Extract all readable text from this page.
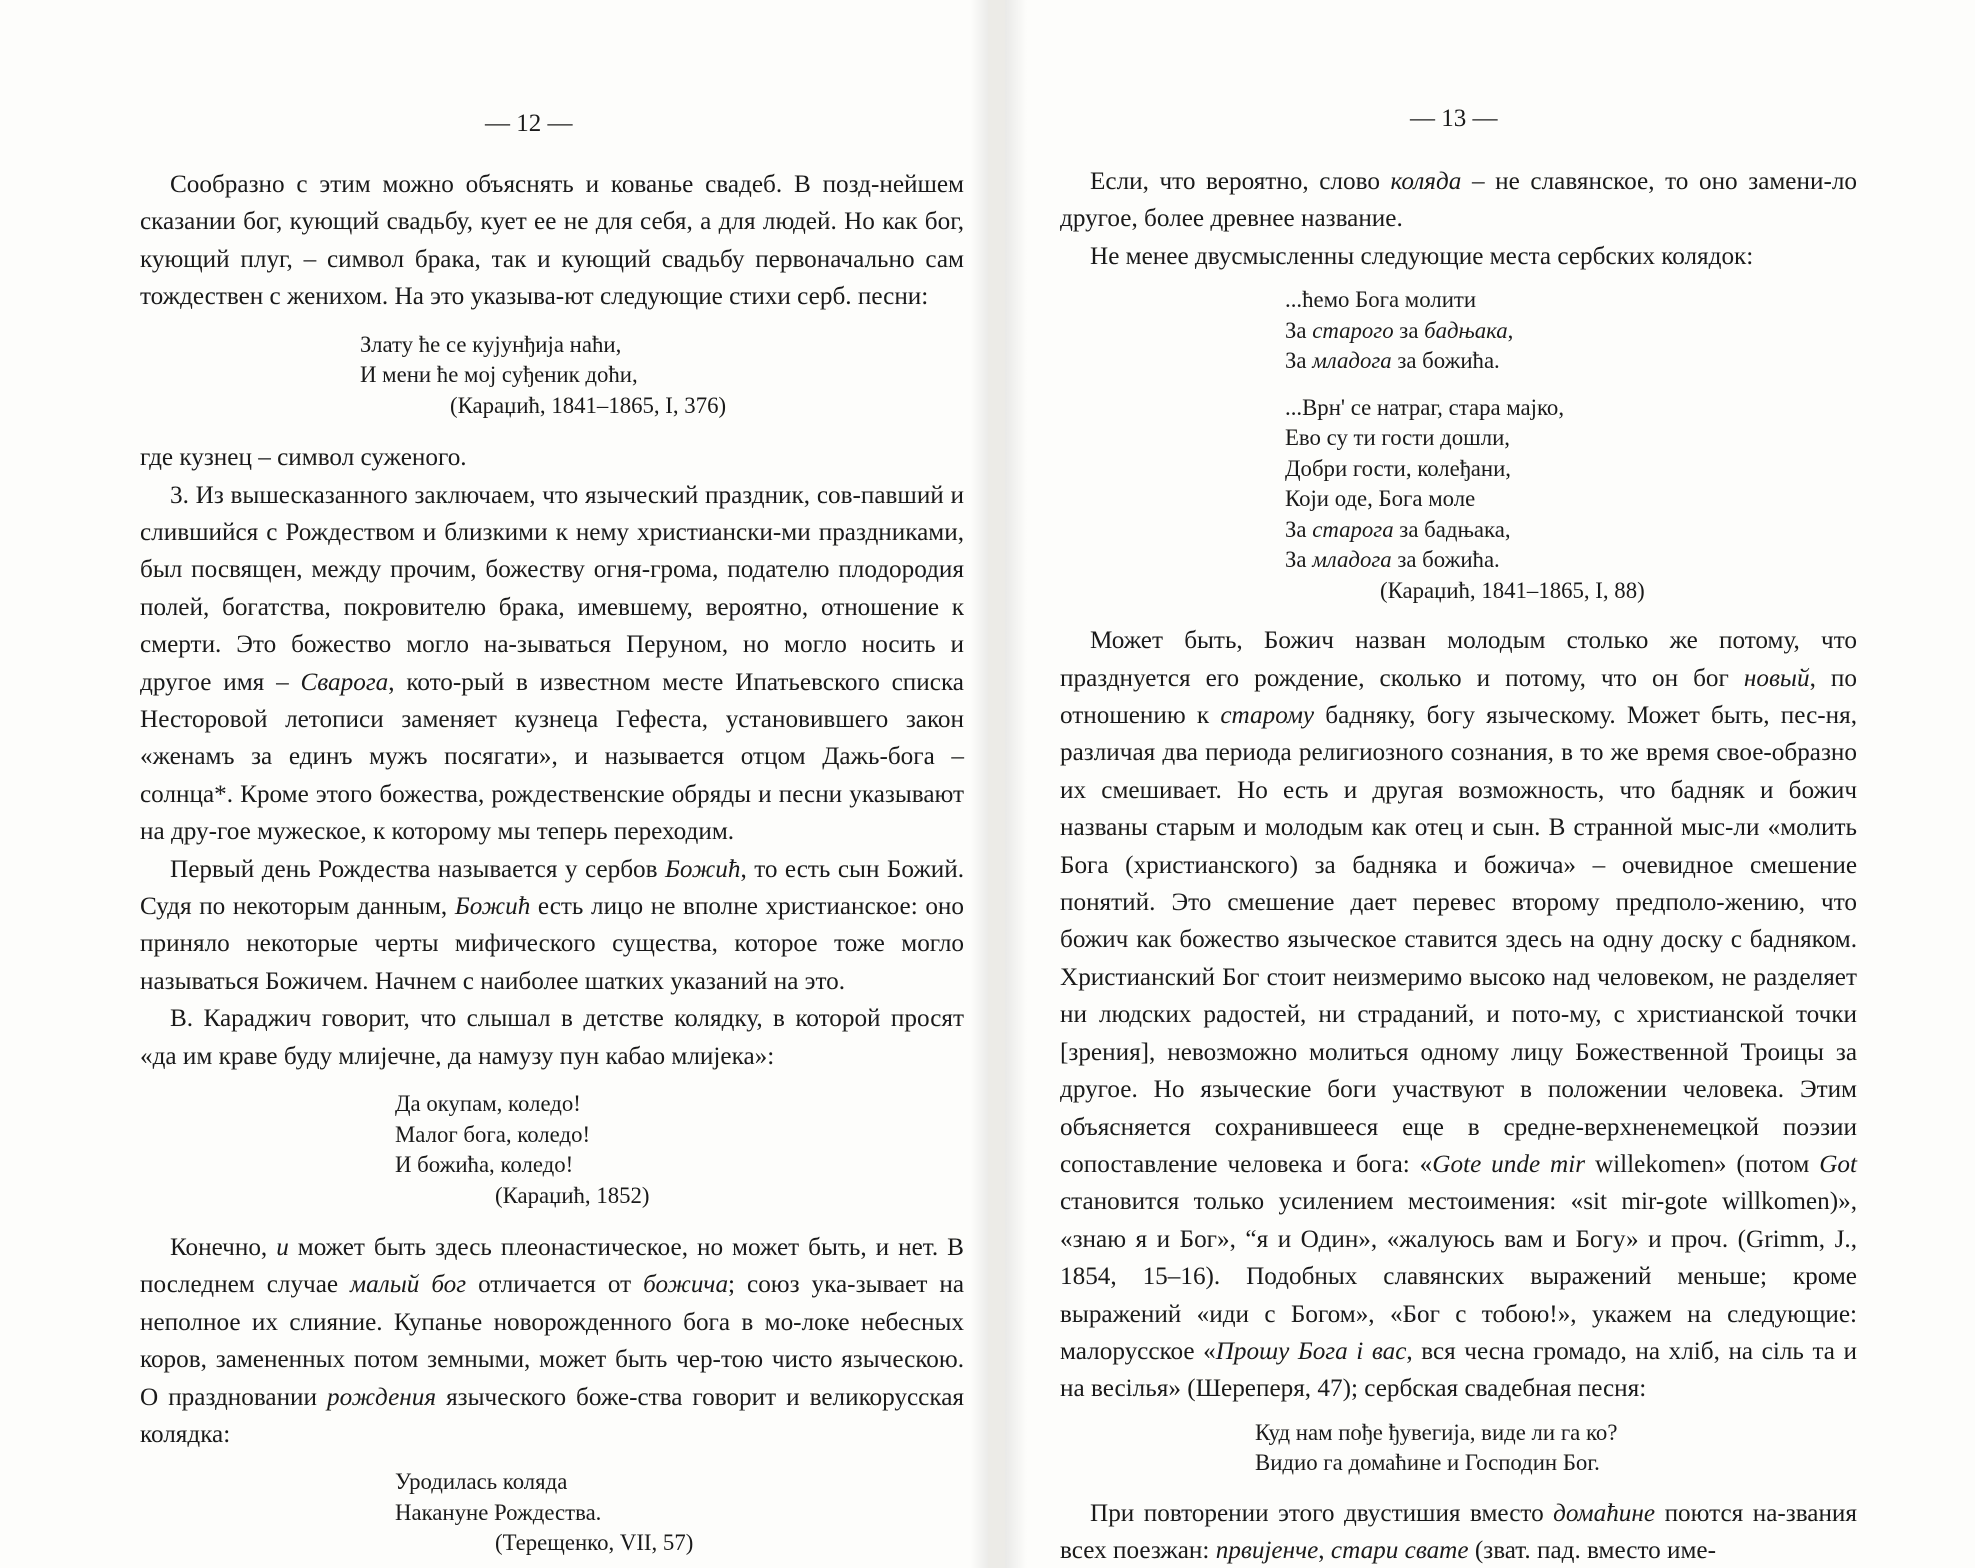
— 12 —

Сообразно с этим можно объяснять и кованье свадеб. В позд-нейшем сказании бог, кующий свадьбу, кует ее не для себя, а для людей. Но как бог, кующий плуг, – символ брака, так и кующий свадьбу первоначально сам тождествен с женихом. На это указыва-ют следующие стихи серб. песни:

Злату ће се кујунђија наћи,
И мени ће мој суђеник доћи,
(Караџић, 1841–1865, I, 376)

где кузнец – символ суженого.

3. Из вышесказанного заключаем, что языческий праздник, сов-павший и слившийся с Рождеством и близкими к нему христиански-ми праздниками, был посвящен, между прочим, божеству огня-грома, подателю плодородия полей, богатства, покровителю брака, имевшему, вероятно, отношение к смерти. Это божество могло на-зываться Перуном, но могло носить и другое имя – Сварога, кото-рый в известном месте Ипатьевского списка Несторовой летописи заменяет кузнеца Гефеста, установившего закон «женамъ за единъ мужъ посягати», и называется отцом Дажь-бога – солнца*. Кроме этого божества, рождественские обряды и песни указывают на дру-гое мужеское, к которому мы теперь переходим.

Первый день Рождества называется у сербов Божић, то есть сын Божий. Судя по некоторым данным, Божић есть лицо не вполне христианское: оно приняло некоторые черты мифического существа, которое тоже могло называться Божичем. Начнем с наиболее шатких указаний на это.

В. Караджич говорит, что слышал в детстве колядку, в которой просят «да им краве буду млијечне, да намузу пун кабао млијека»:

Да окупам, коледо!
Малог бога, коледо!
И божића, коледо!
(Караџић, 1852)

Конечно, и может быть здесь плеонастическое, но может быть, и нет. В последнем случае малый бог отличается от божича; союз ука-зывает на неполное их слияние. Купанье новорожденного бога в мо-локе небесных коров, замененных потом земными, может быть чер-тою чисто языческою. О праздновании рождения языческого боже-ства говорит и великорусская колядка:

Уродилась коляда
Накануне Рождества.
(Терещенко, VII, 57)
— 13 —

Если, что вероятно, слово коляда – не славянское, то оно замени-ло другое, более древнее название.

Не менее двусмысленны следующие места сербских колядок:

...ћемо Бога молити
За старого за бадњака,
За младога за божића.
...Врн' се натраг, стара мајко,
Ево су ти гости дошли,
Добри гости, колеђани,
Који оде, Бога моле
За старога за бадњака,
За младога за божића.
(Караџић, 1841–1865, I, 88)

Может быть, Божич назван молодым столько же потому, что празднуется его рождение, сколько и потому, что он бог новый, по отношению к старому бадняку, богу языческому. Может быть, пес-ня, различая два периода религиозного сознания, в то же время свое-образно их смешивает. Но есть и другая возможность, что бадняк и божич названы старым и молодым как отец и сын. В странной мыс-ли «молить Бога (христианского) за бадняка и божича» – очевидное смешение понятий. Это смешение дает перевес второму предполо-жению, что божич как божество языческое ставится здесь на одну доску с бадняком. Христианский Бог стоит неизмеримо высоко над человеком, не разделяет ни людских радостей, ни страданий, и пото-му, с христианской точки [зрения], невозможно молиться одному лицу Божественной Троицы за другое. Но языческие боги участвуют в положении человека. Этим объясняется сохранившееся еще в средне-верхненемецкой поэзии сопоставление человека и бога: «Gote unde mir willekomen» (потом Got становится только усилением местоимения: «sit mir-gote willkomen)», «знаю я и Бог», “я и Один», «жалуюсь вам и Богу» и проч. (Grimm, J., 1854, 15–16). Подобных славянских выражений меньше; кроме выражений «иди с Богом», «Бог с тобою!», укажем на следующие: малорусское «Прошу Бога і вас, вся чесна громадо, на хліб, на сіль та и на весілья» (Шереперя, 47); сербская свадебная песня:

Куд нам пође ђувегија, виде ли га ко?
Видио га домаћине и Господин Бог.

При повторении этого двустишия вместо домаћине поются на-звания всех поезжан: првијенче, стари свате (зват. пад. вместо име-
